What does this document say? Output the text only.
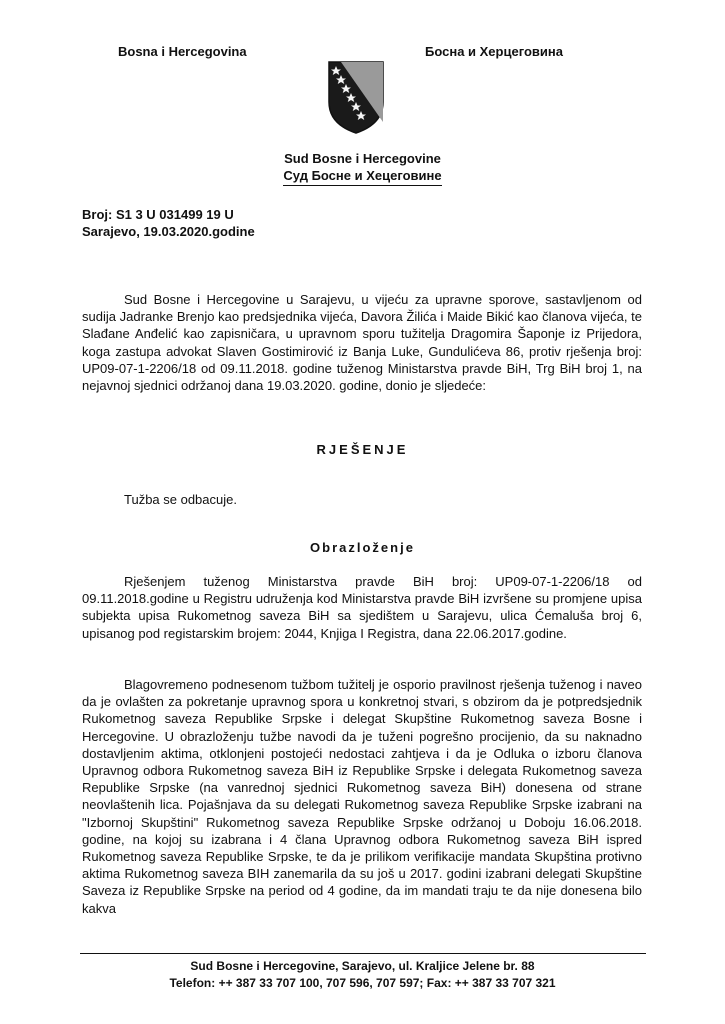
Bosna i Hercegovina	Босна и Херцеговина
Sud Bosne i Hercegovine
Суд Босне и Хецеговине
Broj: S1 3 U 031499 19 U
Sarajevo, 19.03.2020.godine
Sud Bosne i Hercegovine u Sarajevu, u vijeću za upravne sporove, sastavljenom od sudija Jadranke Brenjo kao predsjednika vijeća, Davora Žilića i Maide Bikić kao članova vijeća, te Slađane Anđelić kao zapisničara, u upravnom sporu tužitelja Dragomira Šaponje iz Prijedora, koga zastupa advokat Slaven Gostimirović iz Banja Luke, Gundulićeva 86, protiv rješenja broj: UP09-07-1-2206/18 od 09.11.2018. godine tuženog Ministarstva pravde BiH, Trg BiH broj 1, na nejavnoj sjednici održanoj dana 19.03.2020. godine, donio je sljedeće:
RJEŠENJE
Tužba se odbacuje.
Obrazloženje
Rješenjem tuženog Ministarstva pravde BiH broj: UP09-07-1-2206/18 od 09.11.2018.godine u Registru udruženja kod Ministarstva pravde BiH izvršene su promjene upisa subjekta upisa Rukometnog saveza BiH sa sjedištem u Sarajevu, ulica Ćemaluša broj 6, upisanog pod registarskim brojem: 2044, Knjiga I Registra, dana 22.06.2017.godine.
Blagovremeno podnesenom tužbom tužitelj je osporio pravilnost rješenja tuženog i naveo da je ovlašten za pokretanje upravnog spora u konkretnoj stvari, s obzirom da je potpredsjednik Rukometnog saveza Republike Srpske i delegat Skupštine Rukometnog saveza Bosne i Hercegovine. U obrazloženju tužbe navodi da je tuženi pogrešno procijenio, da su naknadno dostavljenim aktima, otklonjeni postojeći nedostaci zahtjeva i da je Odluka o izboru članova Upravnog odbora Rukometnog saveza BiH iz Republike Srpske i delegata Rukometnog saveza Republike Srpske (na vanrednoj sjednici Rukometnog saveza BiH) donesena od strane neovlaštenih lica. Pojašnjava da su delegati Rukometnog saveza Republike Srpske izabrani na "Izbornoj Skupštini" Rukometnog saveza Republike Srpske održanoj u Doboju 16.06.2018. godine, na kojoj su izabrana i 4 člana Upravnog odbora Rukometnog saveza BiH ispred Rukometnog saveza Republike Srpske, te da je prilikom verifikacije mandata Skupština protivno aktima Rukometnog saveza BIH zanemarila da su još u 2017. godini izabrani delegati Skupštine Saveza iz Republike Srpske na period od 4 godine, da im mandati traju te da nije donesena bilo kakva
Sud Bosne i Hercegovine, Sarajevo, ul. Kraljice Jelene br. 88
Telefon: ++ 387 33 707 100, 707 596, 707 597; Fax: ++ 387 33 707 321
